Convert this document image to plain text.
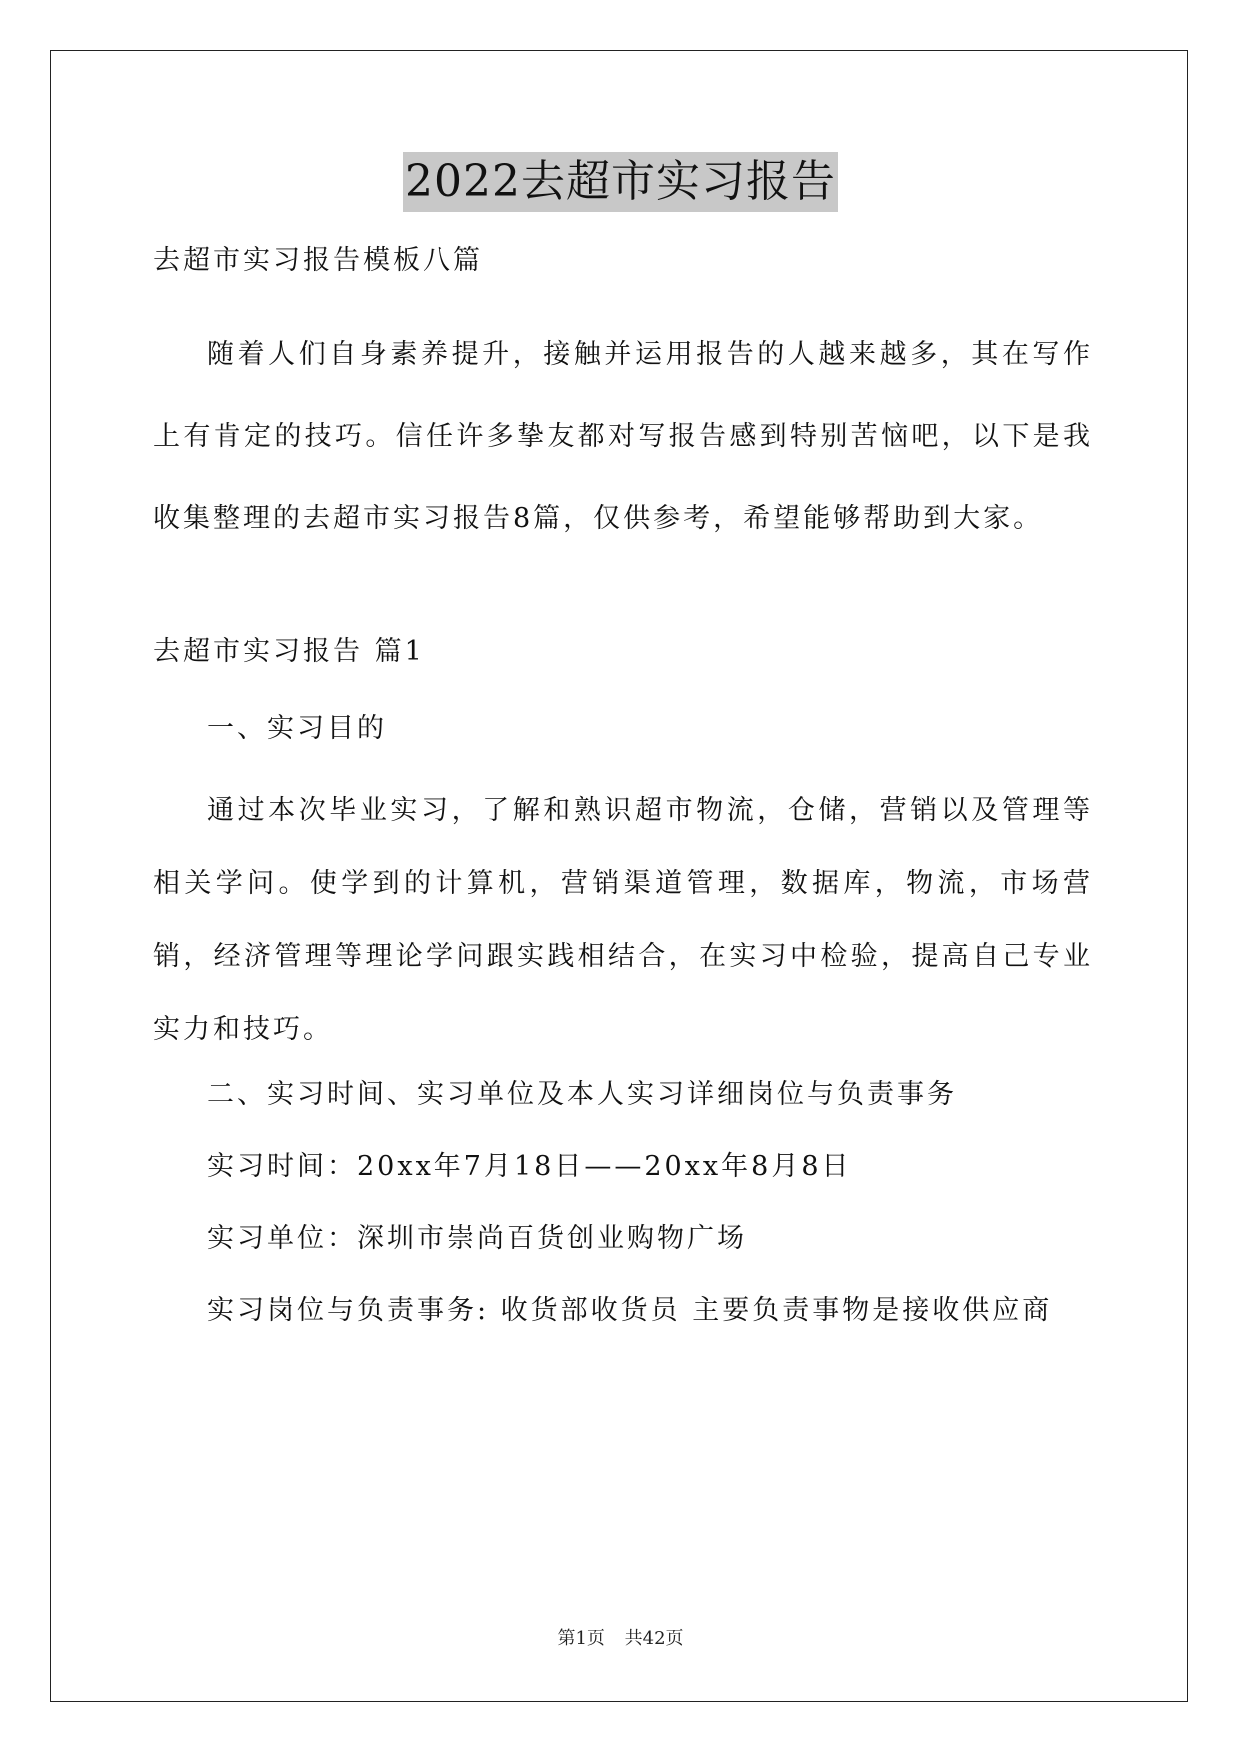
2022去超市实习报告
去超市实习报告模板八篇
随着人们自身素养提升，接触并运用报告的人越来越多，其在写作上有肯定的技巧。信任许多挚友都对写报告感到特别苦恼吧，以下是我收集整理的去超市实习报告8篇，仅供参考，希望能够帮助到大家。
去超市实习报告 篇1
一、实习目的
通过本次毕业实习，了解和熟识超市物流，仓储，营销以及管理等相关学问。使学到的计算机，营销渠道管理，数据库，物流，市场营销，经济管理等理论学问跟实践相结合，在实习中检验，提高自己专业实力和技巧。
二、实习时间、实习单位及本人实习详细岗位与负责事务
实习时间：20xx年7月18日——20xx年8月8日
实习单位：深圳市崇尚百货创业购物广场
实习岗位与负责事务: 收货部收货员 主要负责事物是接收供应商
第1页 共42页
